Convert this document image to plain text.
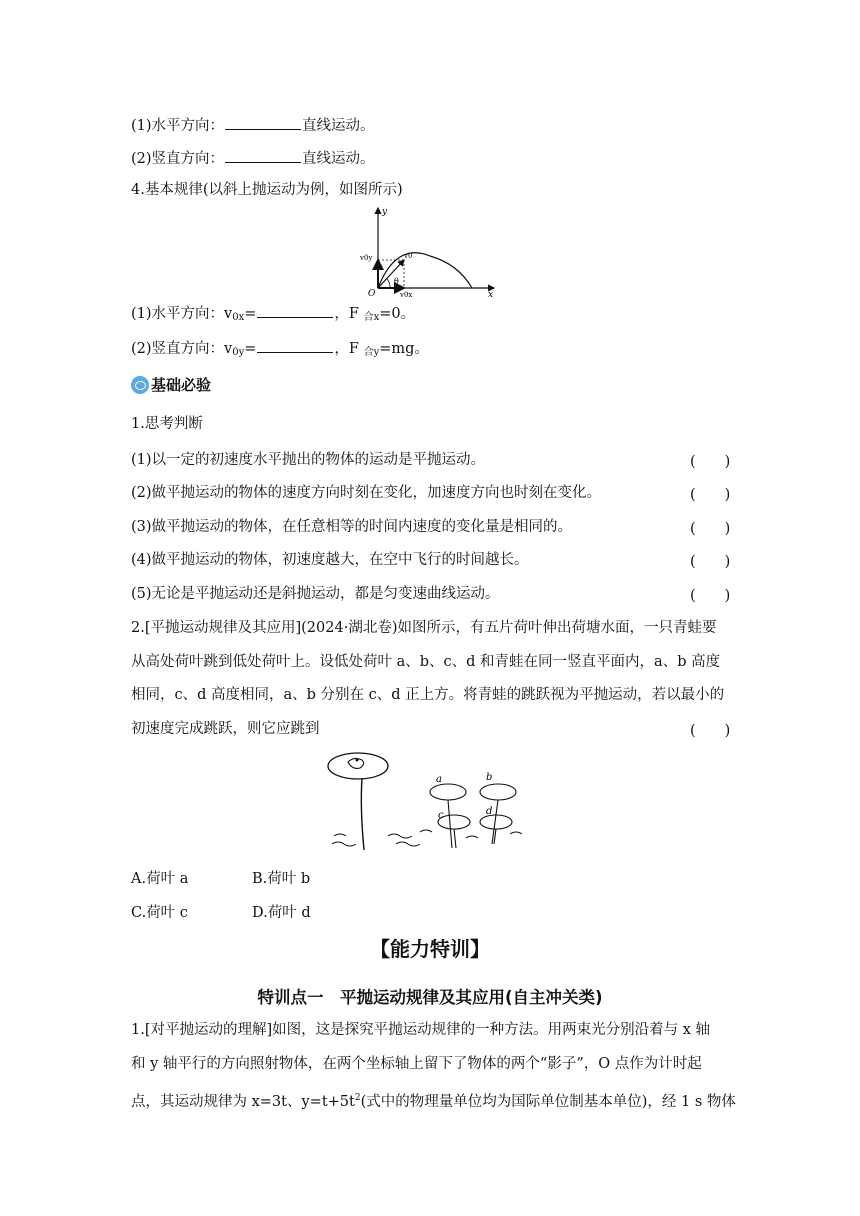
(1)水平方向：	直线运动。
(2)竖直方向：	直线运动。
4.基本规律(以斜上抛运动为例，如图所示)
y
x
O
v0
v0y
v0x
θ
(1)水平方向：$v_{0x}=$	，F $_{合x}$=0。
(2)竖直方向：$v_{0y}=$	，F $_{合y}$=mg。
基础必验
1.思考判断
(1)以一定的初速度水平抛出的物体的运动是平抛运动。	(　　)
(2)做平抛运动的物体的速度方向时刻在变化，加速度方向也时刻在变化。	(　　)
(3)做平抛运动的物体，在任意相等的时间内速度的变化量是相同的。	(　　)
(4)做平抛运动的物体，初速度越大，在空中飞行的时间越长。	(　　)
(5)无论是平抛运动还是斜抛运动，都是匀变速曲线运动。	(　　)
2.[平抛运动规律及其应用](2024·湖北卷)如图所示，有五片荷叶伸出荷塘水面，一只青蛙要
从高处荷叶跳到低处荷叶上。设低处荷叶 a、b、c、d 和青蛙在同一竖直平面内，a、b 高度
相同，c、d 高度相同，a、b 分别在 c、d 正上方。将青蛙的跳跃视为平抛运动，若以最小的
初速度完成跳跃，则它应跳到	(　　)
a	b
c	d
A.荷叶 a	B.荷叶 b
C.荷叶 c	D.荷叶 d
【能力特训】
特训点一　平抛运动规律及其应用(自主冲关类)
1.[对平抛运动的理解]如图，这是探究平抛运动规律的一种方法。用两束光分别沿着与 x 轴
和 y 轴平行的方向照射物体，在两个坐标轴上留下了物体的两个“影子”，O 点作为计时起
点，其运动规律为 x=3t、$y=t+5t^2$(式中的物理量单位均为国际单位制基本单位)，经 1 s 物体
